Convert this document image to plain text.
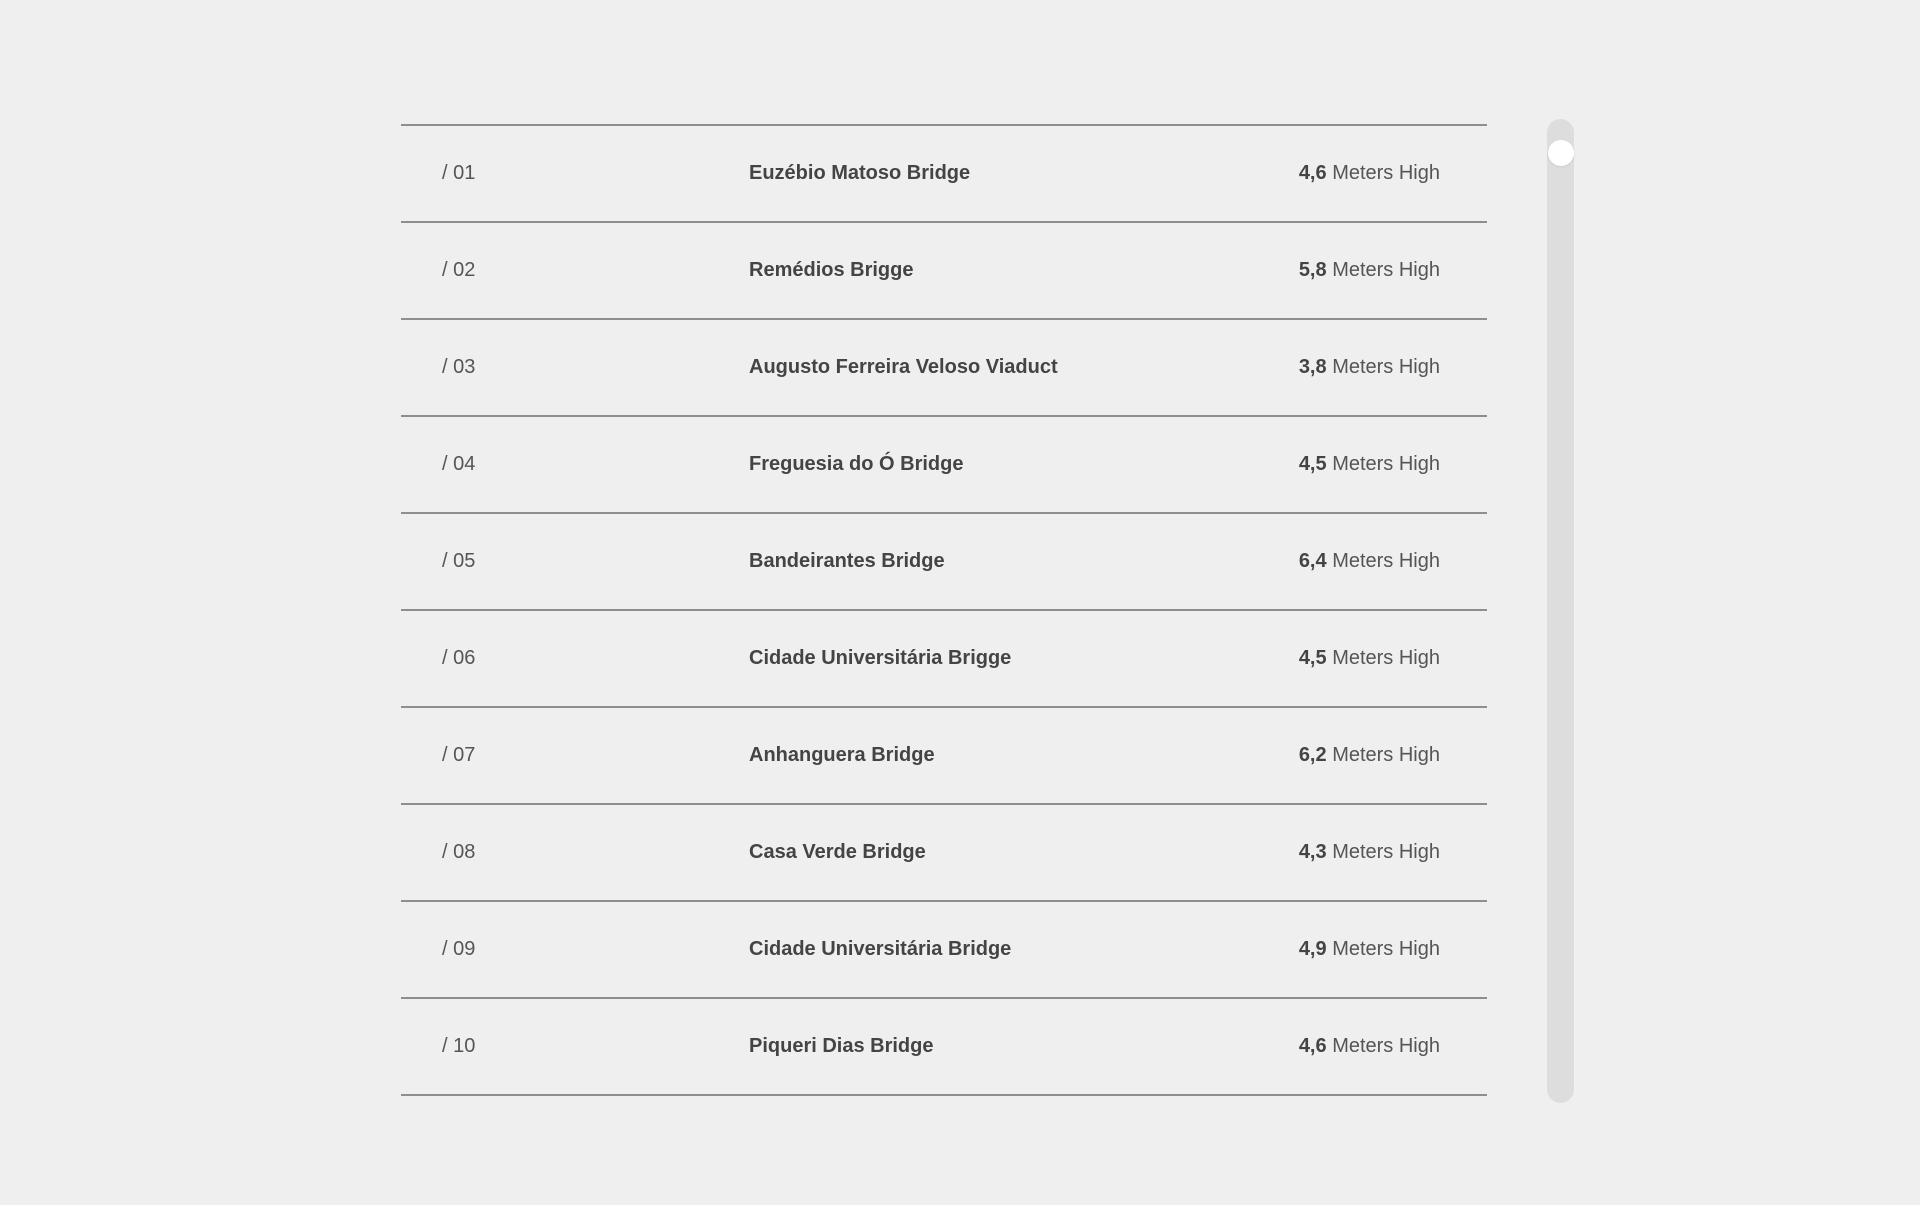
/ 01	Euzébio Matoso Bridge	4,6 Meters High
/ 02	Remédios Brigge	5,8 Meters High
/ 03	Augusto Ferreira Veloso Viaduct	3,8 Meters High
/ 04	Freguesia do Ó Bridge	4,5 Meters High
/ 05	Bandeirantes Bridge	6,4 Meters High
/ 06	Cidade Universitária Brigge	4,5 Meters High
/ 07	Anhanguera Bridge	6,2 Meters High
/ 08	Casa Verde Bridge	4,3 Meters High
/ 09	Cidade Universitária Bridge	4,9 Meters High
/ 10	Piqueri Dias Bridge	4,6 Meters High
